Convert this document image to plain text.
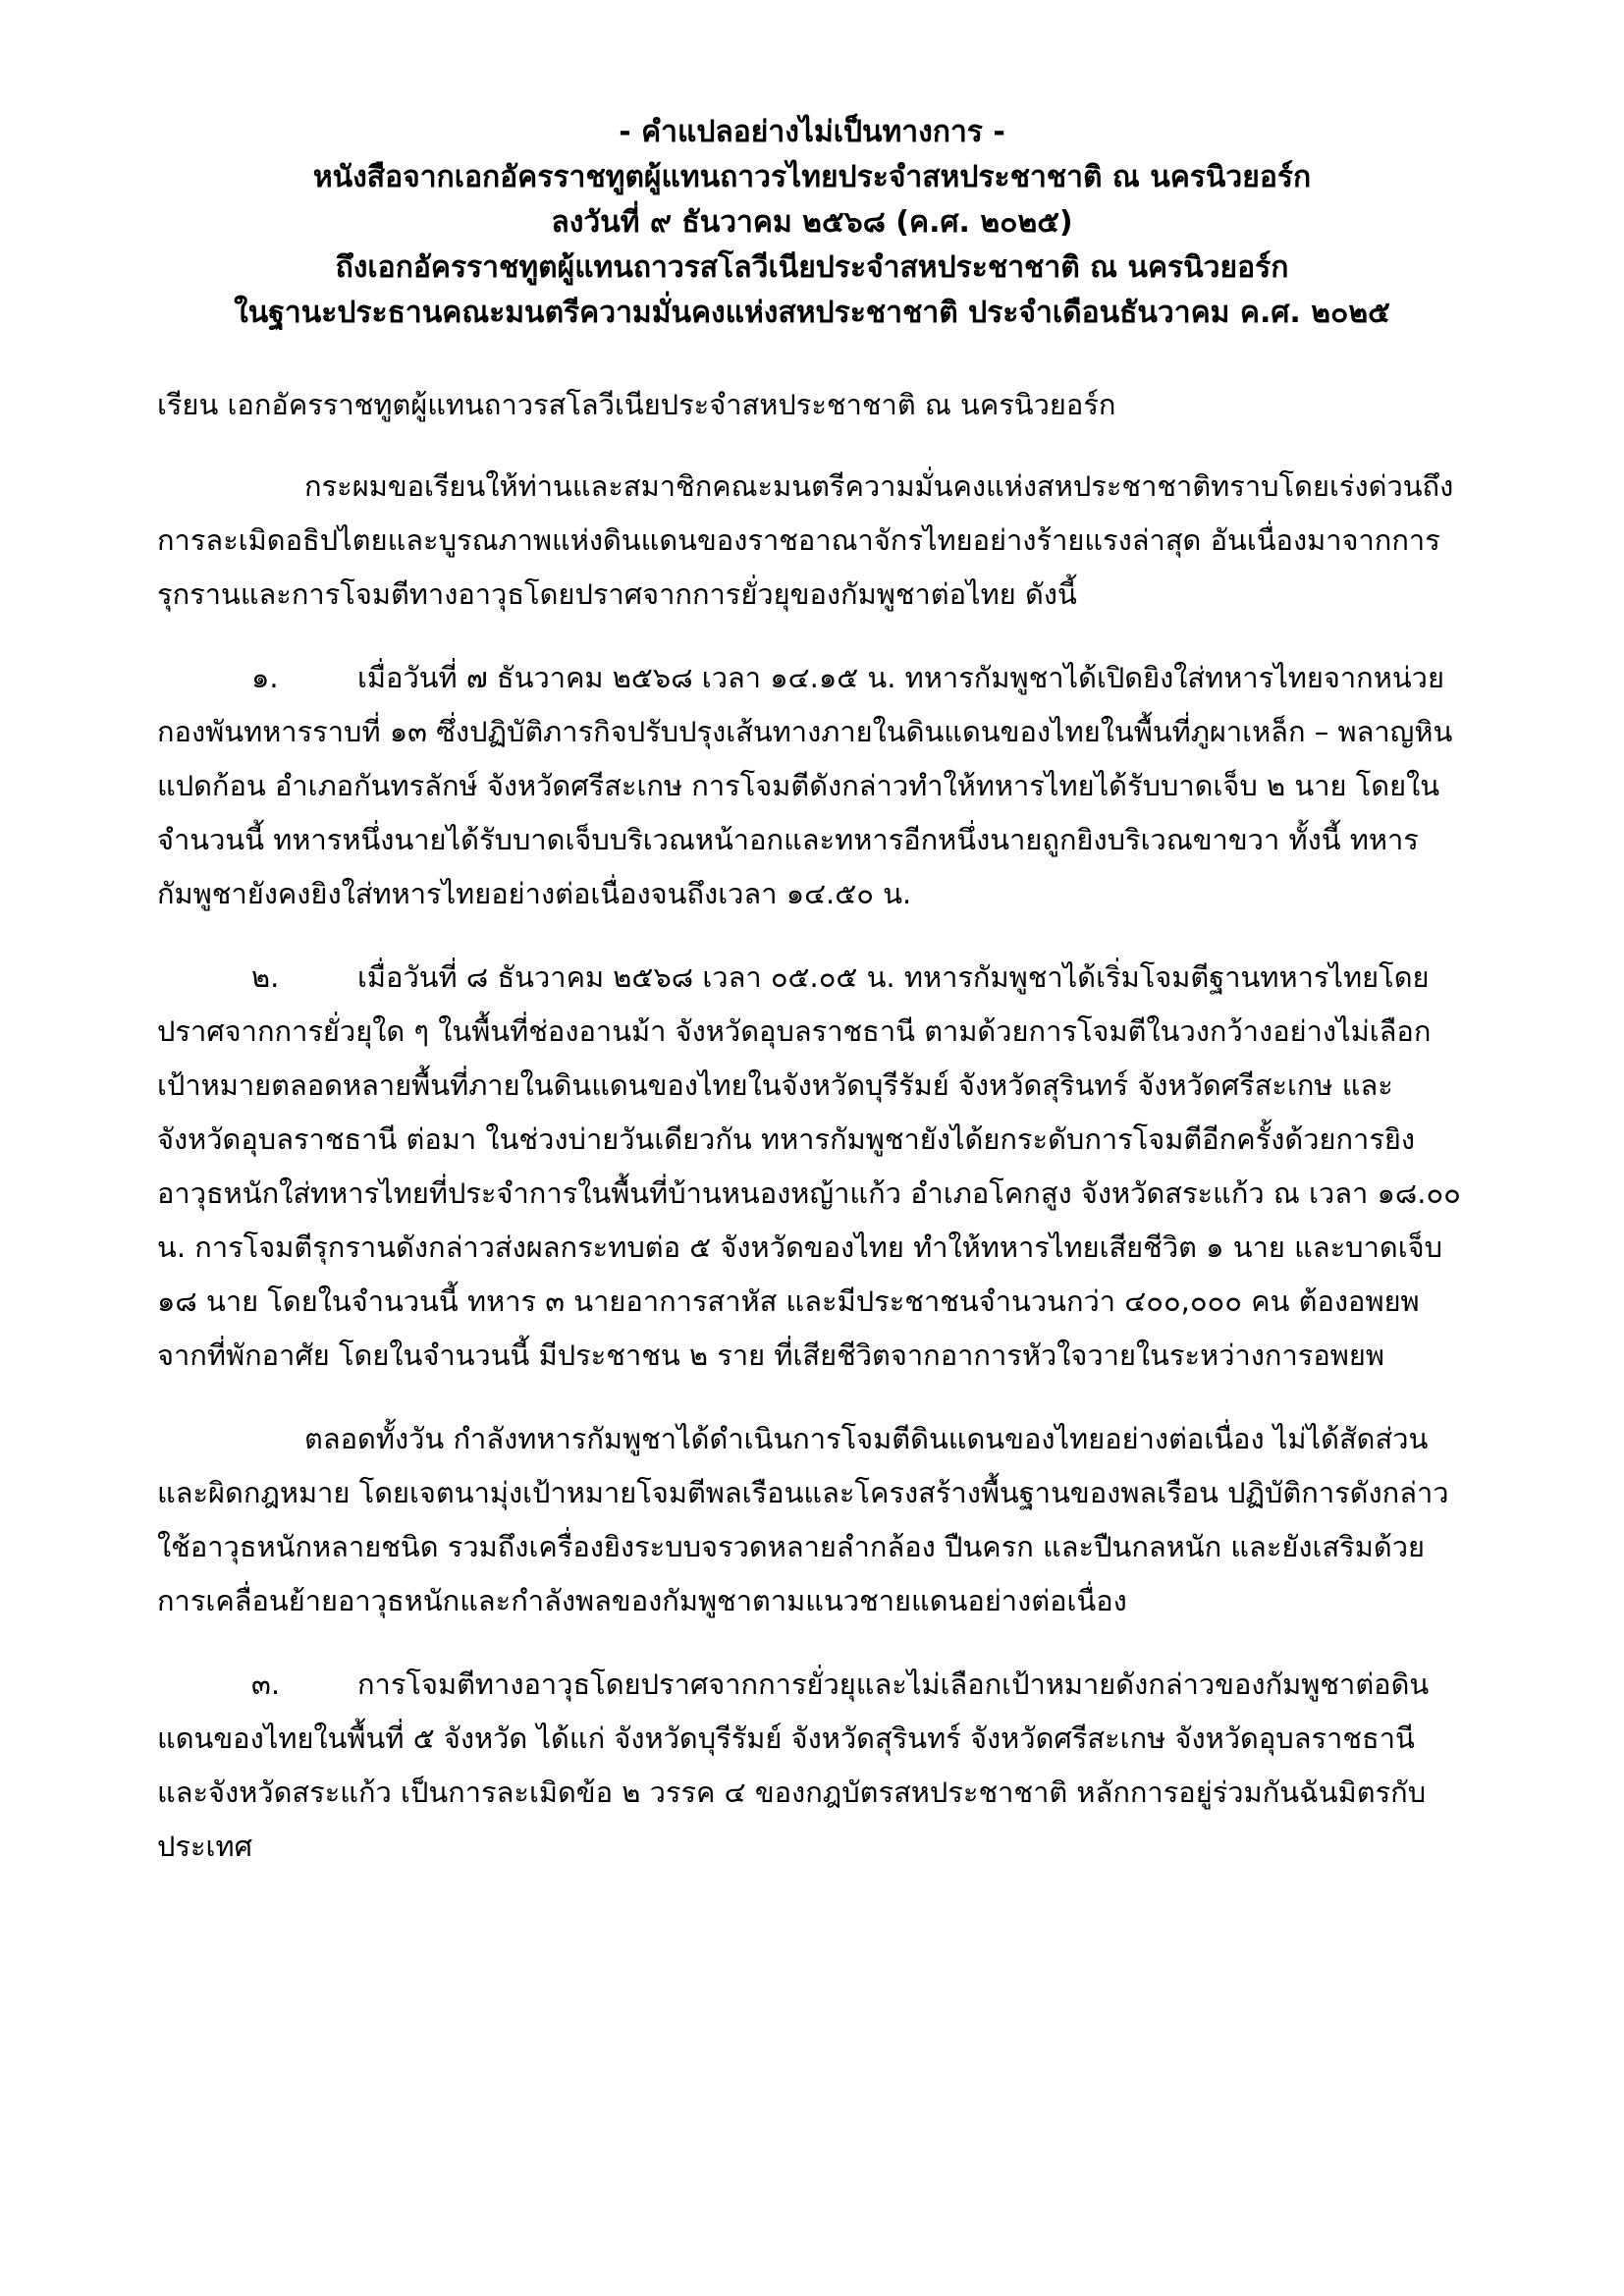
- คำแปลอย่างไม่เป็นทางการ -
หนังสือจากเอกอัครราชทูตผู้แทนถาวรไทยประจำสหประชาชาติ ณ นครนิวยอร์ก
ลงวันที่ ๙ ธันวาคม ๒๕๖๘ (ค.ศ. ๒๐๒๕)
ถึงเอกอัครราชทูตผู้แทนถาวรสโลวีเนียประจำสหประชาชาติ ณ นครนิวยอร์ก
ในฐานะประธานคณะมนตรีความมั่นคงแห่งสหประชาชาติ ประจำเดือนธันวาคม ค.ศ. ๒๐๒๕
เรียน เอกอัครราชทูตผู้แทนถาวรสโลวีเนียประจำสหประชาชาติ ณ นครนิวยอร์ก

กระผมขอเรียนให้ท่านและสมาชิกคณะมนตรีความมั่นคงแห่งสหประชาชาติทราบโดยเร่งด่วนถึงการละเมิดอธิปไตยและบูรณภาพแห่งดินแดนของราชอาณาจักรไทยอย่างร้ายแรงล่าสุด อันเนื่องมาจากการรุกรานและการโจมตีทางอาวุธโดยปราศจากการยั่วยุของกัมพูชาต่อไทย ดังนี้

๑.	เมื่อวันที่ ๗ ธันวาคม ๒๕๖๘ เวลา ๑๔.๑๕ น. ทหารกัมพูชาได้เปิดยิงใส่ทหารไทยจากหน่วยกองพันทหารราบที่ ๑๓ ซึ่งปฏิบัติภารกิจปรับปรุงเส้นทางภายในดินแดนของไทยในพื้นที่ภูผาเหล็ก – พลาญหินแปดก้อน อำเภอกันทรลักษ์ จังหวัดศรีสะเกษ การโจมตีดังกล่าวทำให้ทหารไทยได้รับบาดเจ็บ ๒ นาย โดยในจำนวนนี้ ทหารหนึ่งนายได้รับบาดเจ็บบริเวณหน้าอกและทหารอีกหนึ่งนายถูกยิงบริเวณขาขวา ทั้งนี้ ทหารกัมพูชายังคงยิงใส่ทหารไทยอย่างต่อเนื่องจนถึงเวลา ๑๔.๕๐ น.

๒.	เมื่อวันที่ ๘ ธันวาคม ๒๕๖๘ เวลา ๐๕.๐๕ น. ทหารกัมพูชาได้เริ่มโจมตีฐานทหารไทยโดยปราศจากการยั่วยุใด ๆ ในพื้นที่ช่องอานม้า จังหวัดอุบลราชธานี ตามด้วยการโจมตีในวงกว้างอย่างไม่เลือกเป้าหมายตลอดหลายพื้นที่ภายในดินแดนของไทยในจังหวัดบุรีรัมย์ จังหวัดสุรินทร์ จังหวัดศรีสะเกษ และจังหวัดอุบลราชธานี ต่อมา ในช่วงบ่ายวันเดียวกัน ทหารกัมพูชายังได้ยกระดับการโจมตีอีกครั้งด้วยการยิงอาวุธหนักใส่ทหารไทยที่ประจำการในพื้นที่บ้านหนองหญ้าแก้ว อำเภอโคกสูง จังหวัดสระแก้ว ณ เวลา ๑๘.๐๐ น. การโจมตีรุกรานดังกล่าวส่งผลกระทบต่อ ๕ จังหวัดของไทย ทำให้ทหารไทยเสียชีวิต ๑ นาย และบาดเจ็บ ๑๘ นาย โดยในจำนวนนี้ ทหาร ๓ นายอาการสาหัส และมีประชาชนจำนวนกว่า ๔๐๐,๐๐๐ คน ต้องอพยพจากที่พักอาศัย โดยในจำนวนนี้ มีประชาชน ๒ ราย ที่เสียชีวิตจากอาการหัวใจวายในระหว่างการอพยพ

ตลอดทั้งวัน กำลังทหารกัมพูชาได้ดำเนินการโจมตีดินแดนของไทยอย่างต่อเนื่อง ไม่ได้สัดส่วนและผิดกฎหมาย โดยเจตนามุ่งเป้าหมายโจมตีพลเรือนและโครงสร้างพื้นฐานของพลเรือน ปฏิบัติการดังกล่าวใช้อาวุธหนักหลายชนิด รวมถึงเครื่องยิงระบบจรวดหลายลำกล้อง ปืนครก และปืนกลหนัก และยังเสริมด้วยการเคลื่อนย้ายอาวุธหนักและกำลังพลของกัมพูชาตามแนวชายแดนอย่างต่อเนื่อง

๓.	การโจมตีทางอาวุธโดยปราศจากการยั่วยุและไม่เลือกเป้าหมายดังกล่าวของกัมพูชาต่อดินแดนของไทยในพื้นที่ ๕ จังหวัด ได้แก่ จังหวัดบุรีรัมย์ จังหวัดสุรินทร์ จังหวัดศรีสะเกษ จังหวัดอุบลราชธานี และจังหวัดสระแก้ว เป็นการละเมิดข้อ ๒ วรรค ๔ ของกฎบัตรสหประชาชาติ หลักการอยู่ร่วมกันฉันมิตรกับประเทศ
